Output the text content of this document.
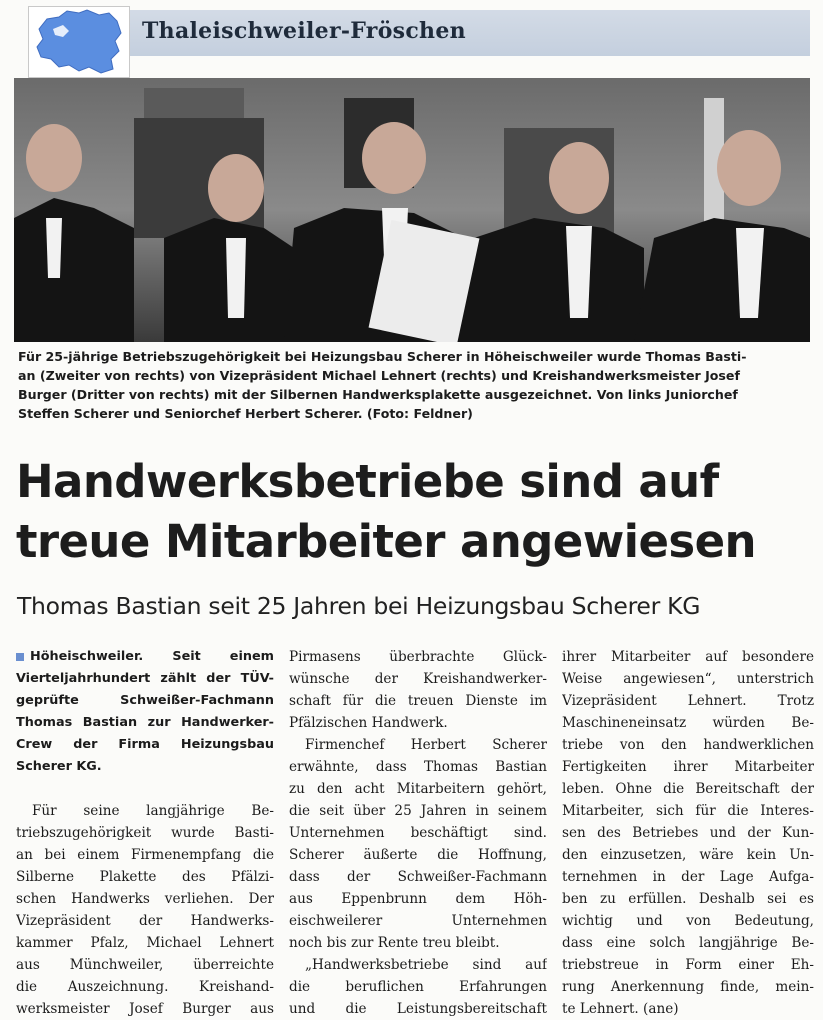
Thaleischweiler-Fröschen

Für 25-jährige Betriebszugehörigkeit bei Heizungsbau Scherer in Höheischweiler wurde Thomas Basti-
an (Zweiter von rechts) von Vizepräsident Michael Lehnert (rechts) und Kreishandwerksmeister Josef
Burger (Dritter von rechts) mit der Silbernen Handwerksplakette ausgezeichnet. Von links Juniorchef
Steffen Scherer und Seniorchef Herbert Scherer. (Foto: Feldner)

Handwerksbetriebe sind auf
treue Mitarbeiter angewiesen
Thomas Bastian seit 25 Jahren bei Heizungsbau Scherer KG
Höheischweiler. Seit einem
Vierteljahrhundert zählt der TÜV-
geprüfte Schweißer-Fachmann
Thomas Bastian zur Handwerker-
Crew der Firma Heizungsbau
Scherer KG.
Für seine langjährige Be-
triebszugehörigkeit wurde Basti-
an bei einem Firmenempfang die
Silberne Plakette des Pfälzi-
schen Handwerks verliehen. Der
Vizepräsident der Handwerks-
kammer Pfalz, Michael Lehnert
aus Münchweiler, überreichte
die Auszeichnung. Kreishand-
werksmeister Josef Burger aus
Pirmasens überbrachte Glück-
wünsche der Kreishandwerker-
schaft für die treuen Dienste im
Pfälzischen Handwerk.
Firmenchef Herbert Scherer
erwähnte, dass Thomas Bastian
zu den acht Mitarbeitern gehört,
die seit über 25 Jahren in seinem
Unternehmen beschäftigt sind.
Scherer äußerte die Hoffnung,
dass der Schweißer-Fachmann
aus Eppenbrunn dem Höh-
eischweilerer Unternehmen
noch bis zur Rente treu bleibt.
„Handwerksbetriebe sind auf
die beruflichen Erfahrungen
und die Leistungsbereitschaft
ihrer Mitarbeiter auf besondere
Weise angewiesen“, unterstrich
Vizepräsident Lehnert. Trotz
Maschineneinsatz würden Be-
triebe von den handwerklichen
Fertigkeiten ihrer Mitarbeiter
leben. Ohne die Bereitschaft der
Mitarbeiter, sich für die Interes-
sen des Betriebes und der Kun-
den einzusetzen, wäre kein Un-
ternehmen in der Lage Aufga-
ben zu erfüllen. Deshalb sei es
wichtig und von Bedeutung,
dass eine solch langjährige Be-
triebstreue in Form einer Eh-
rung Anerkennung finde, mein-
te Lehnert. (ane)
